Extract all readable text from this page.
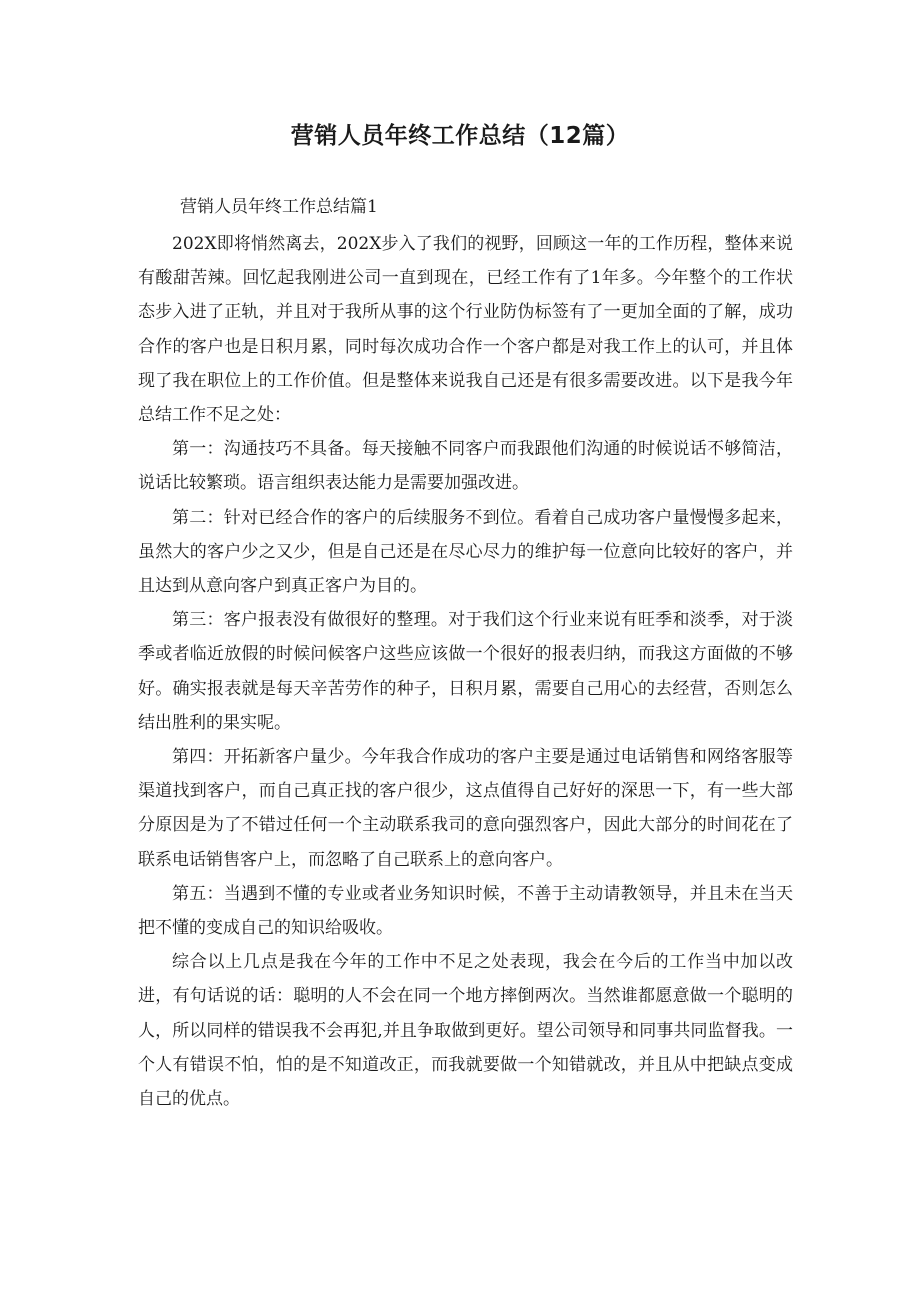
营销人员年终工作总结（12篇）
营销人员年终工作总结篇1

202X即将悄然离去，202X步入了我们的视野，回顾这一年的工作历程，整体来说有酸甜苦辣。回忆起我刚进公司一直到现在，已经工作有了1年多。今年整个的工作状态步入进了正轨，并且对于我所从事的这个行业防伪标签有了一更加全面的了解，成功合作的客户也是日积月累，同时每次成功合作一个客户都是对我工作上的认可，并且体现了我在职位上的工作价值。但是整体来说我自己还是有很多需要改进。以下是我今年总结工作不足之处：

第一：沟通技巧不具备。每天接触不同客户而我跟他们沟通的时候说话不够简洁，说话比较繁琐。语言组织表达能力是需要加强改进。

第二：针对已经合作的客户的后续服务不到位。看着自己成功客户量慢慢多起来，虽然大的客户少之又少，但是自己还是在尽心尽力的维护每一位意向比较好的客户，并且达到从意向客户到真正客户为目的。

第三：客户报表没有做很好的整理。对于我们这个行业来说有旺季和淡季，对于淡季或者临近放假的时候问候客户这些应该做一个很好的报表归纳，而我这方面做的不够好。确实报表就是每天辛苦劳作的种子，日积月累，需要自己用心的去经营，否则怎么结出胜利的果实呢。

第四：开拓新客户量少。今年我合作成功的客户主要是通过电话销售和网络客服等渠道找到客户，而自己真正找的客户很少，这点值得自己好好的深思一下，有一些大部分原因是为了不错过任何一个主动联系我司的意向强烈客户，因此大部分的时间花在了联系电话销售客户上，而忽略了自己联系上的意向客户。

第五：当遇到不懂的专业或者业务知识时候，不善于主动请教领导，并且未在当天把不懂的变成自己的知识给吸收。

综合以上几点是我在今年的工作中不足之处表现，我会在今后的工作当中加以改进，有句话说的话：聪明的人不会在同一个地方摔倒两次。当然谁都愿意做一个聪明的人，所以同样的错误我不会再犯,并且争取做到更好。望公司领导和同事共同监督我。一个人有错误不怕，怕的是不知道改正，而我就要做一个知错就改，并且从中把缺点变成自己的优点。
